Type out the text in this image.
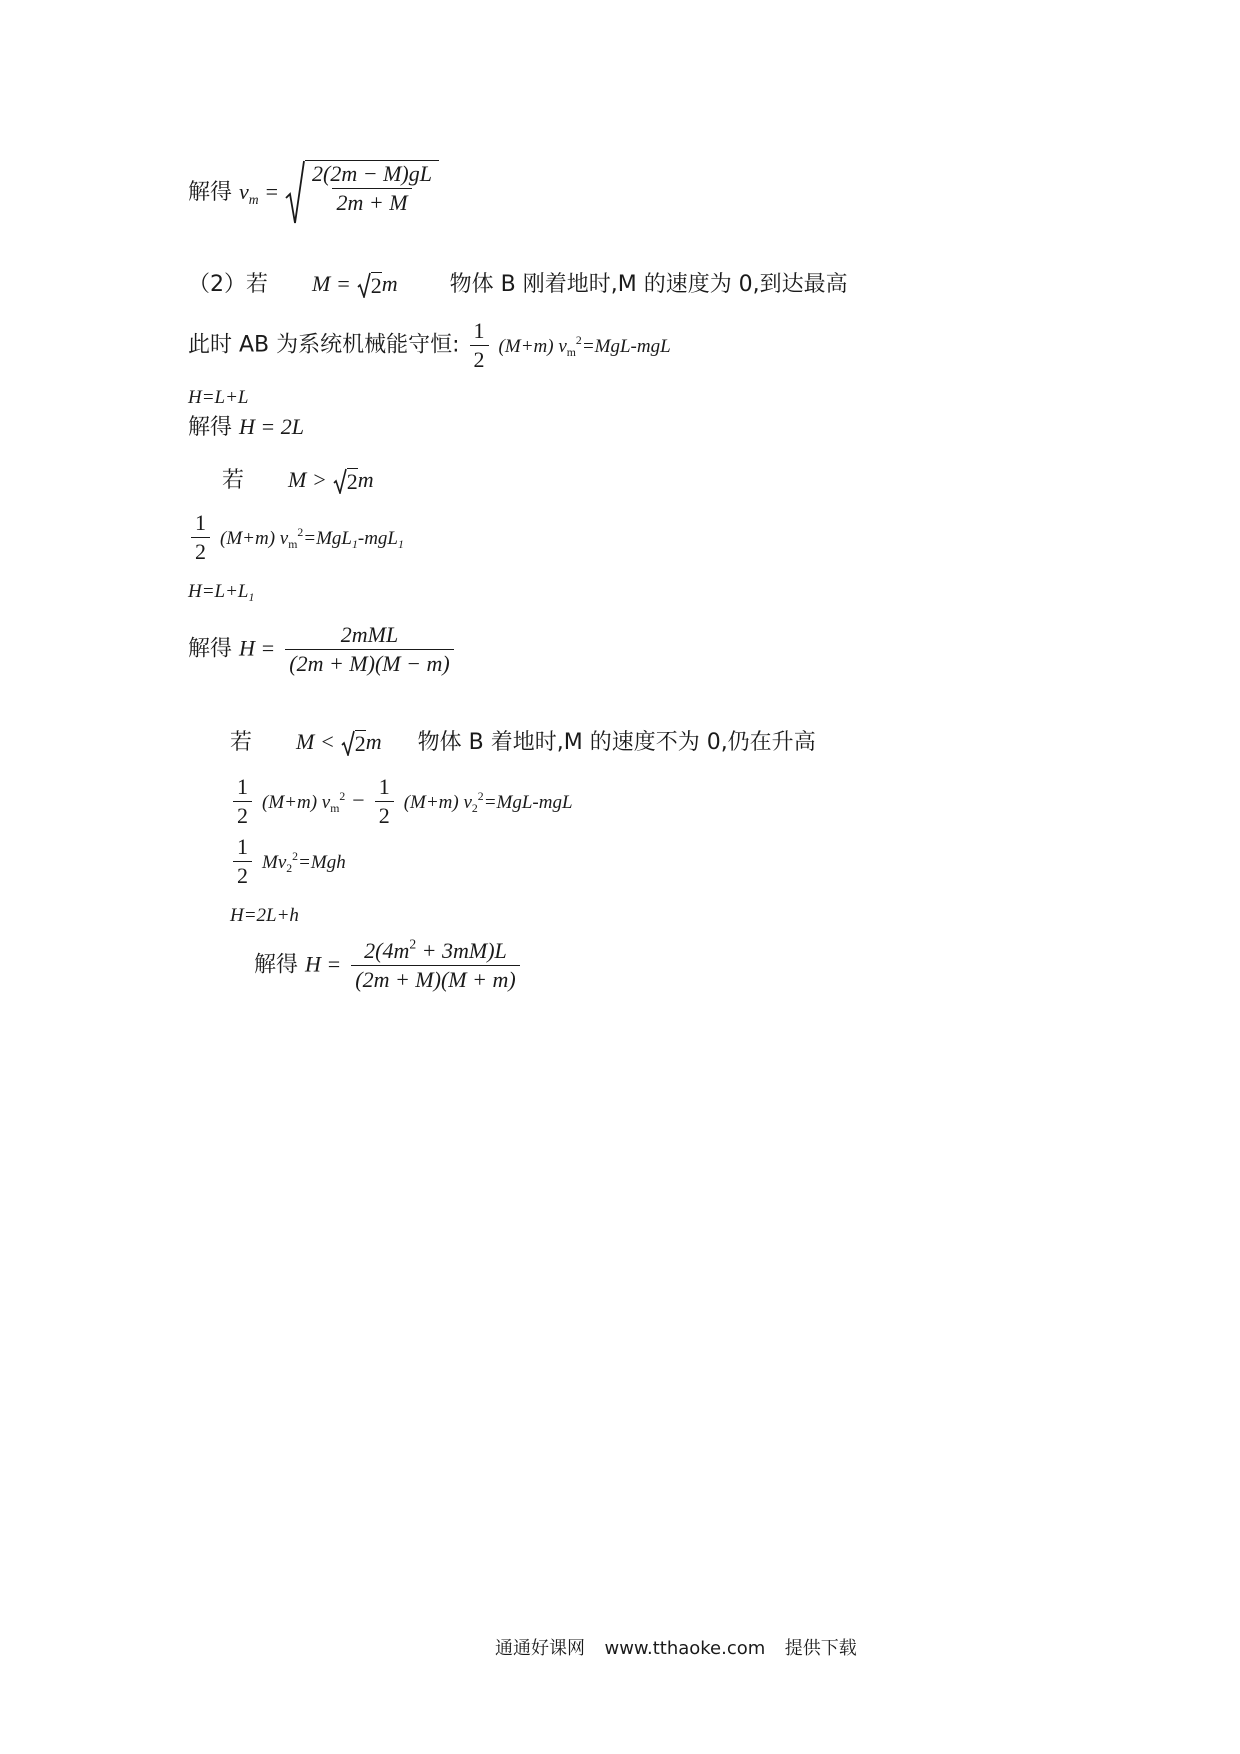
解得 $v_m = \frac{2(2m - M)gL}{2m + M}$
（2）若 M = 2 m 物体 B 刚着地时,M 的速度为 0,到达最高
此时 AB 为系统机械能守恒: $\frac{1}{2} (M+m)$ $v_m^2=MgL$-mgL
H=L+L
解得 H = 2L
若 M > 2 m
$\frac{1}{2} (M+m)$ $v_m^2=MgL_1-mgL_1$
$H=L+L_1$
解得 $H = \frac{\text{2mML}}{(2m + M)(M - m)}$
若 M < 2 m 物体 B 着地时,M 的速度不为 0,仍在升高
$\frac{1}{2} (M+m) v_m^2 - \frac{1}{2} (M+m)$ $v_2^2=MgL$-mgL
$\frac{1}{2} Mv_2^2=Mgh$
H=2L+h
解得 $H = \frac{2(4m^2 + 3mM)L}{(2m + M)(M + m)}$
通通好课网 www.tthaoke.com 提供下载
